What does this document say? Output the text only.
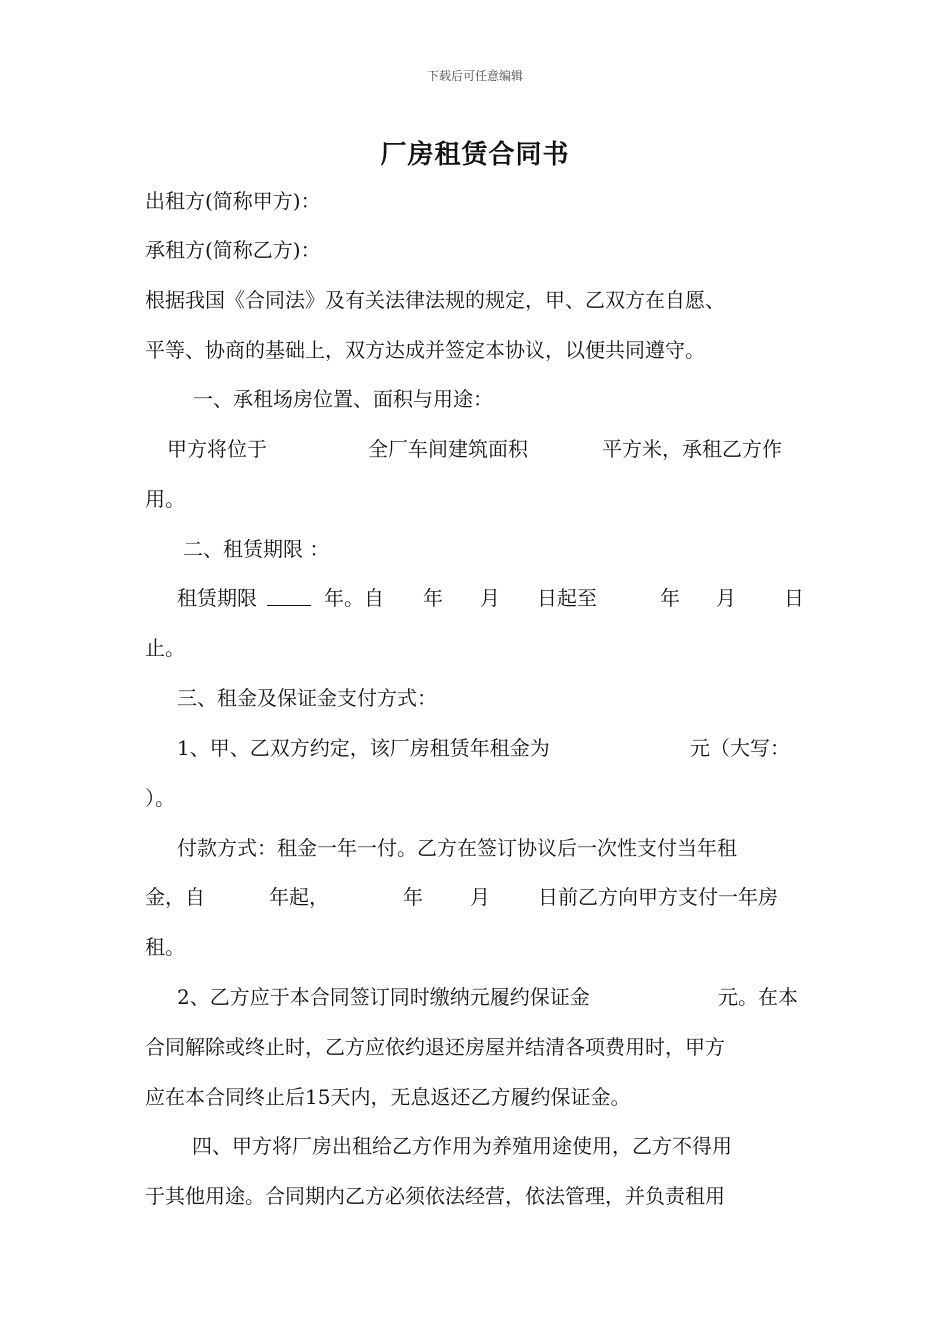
下载后可任意编辑
厂房租赁合同书
出租方(简称甲方)：
承租方(简称乙方)：
根据我国《合同法》及有关法律法规的规定，甲、乙双方在自愿、
平等、协商的基础上，双方达成并签定本协议，以便共同遵守。
一、承租场房位置、面积与用途：
甲方将位于	全厂车间建筑面积	平方米，承租乙方作
用。
二、租赁期限 ：
租赁期限	年。自 年 月 日起至	年 月 日
止。
三、租金及保证金支付方式：
1、甲、乙双方约定，该厂房租赁年租金为	元（大写：
）。
付款方式：租金一年一付。乙方在签订协议后一次性支付当年租
金，自	年起，	年 月 日前乙方向甲方支付一年房
租。
2、乙方应于本合同签订同时缴纳元履约保证金	元。在本
合同解除或终止时，乙方应依约退还房屋并结清各项费用时，甲方
应在本合同终止后15天内，无息返还乙方履约保证金。
四、甲方将厂房出租给乙方作用为养殖用途使用，乙方不得用
于其他用途。合同期内乙方必须依法经营，依法管理，并负责租用
